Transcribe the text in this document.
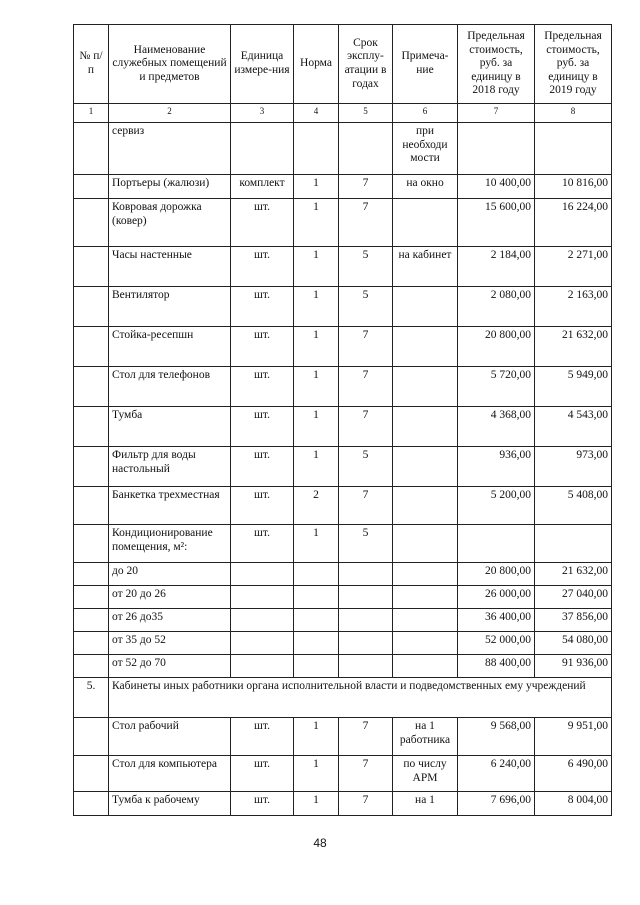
№ п/п	Наименование служебных помещений и предметов	Единица измере-ния	Норма	Срок эксплу-атации в годах	Примеча-ние	Предельная стоимость, руб. за единицу в 2018 году	Предельная стоимость, руб. за единицу в 2019 году
1	2	3	4	5	6	7	8
	сервиз				при необходи мости		
	Портьеры (жалюзи)	комплект	1	7	на окно	10 400,00	10 816,00
	Ковровая дорожка (ковер)	шт.	1	7		15 600,00	16 224,00
	Часы настенные	шт.	1	5	на кабинет	2 184,00	2 271,00
	Вентилятор	шт.	1	5		2 080,00	2 163,00
	Стойка-ресепшн	шт.	1	7		20 800,00	21 632,00
	Стол для телефонов	шт.	1	7		5 720,00	5 949,00
	Тумба	шт.	1	7		4 368,00	4 543,00
	Фильтр для воды настольный	шт.	1	5		936,00	973,00
	Банкетка трехместная	шт.	2	7		5 200,00	5 408,00
	Кондиционирование помещения, м²:	шт.	1	5			
	до 20					20 800,00	21 632,00
	от 20 до 26					26 000,00	27 040,00
	от 26 до35					36 400,00	37 856,00
	от 35 до 52					52 000,00	54 080,00
	от 52 до 70					88 400,00	91 936,00
5.	Кабинеты иных работники органа исполнительной власти и подведомственных ему учреждений						
	Стол рабочий	шт.	1	7	на 1 работника	9 568,00	9 951,00
	Стол для компьютера	шт.	1	7	по числу АРМ	6 240,00	6 490,00
	Тумба к рабочему	шт.	1	7	на 1	7 696,00	8 004,00
48
